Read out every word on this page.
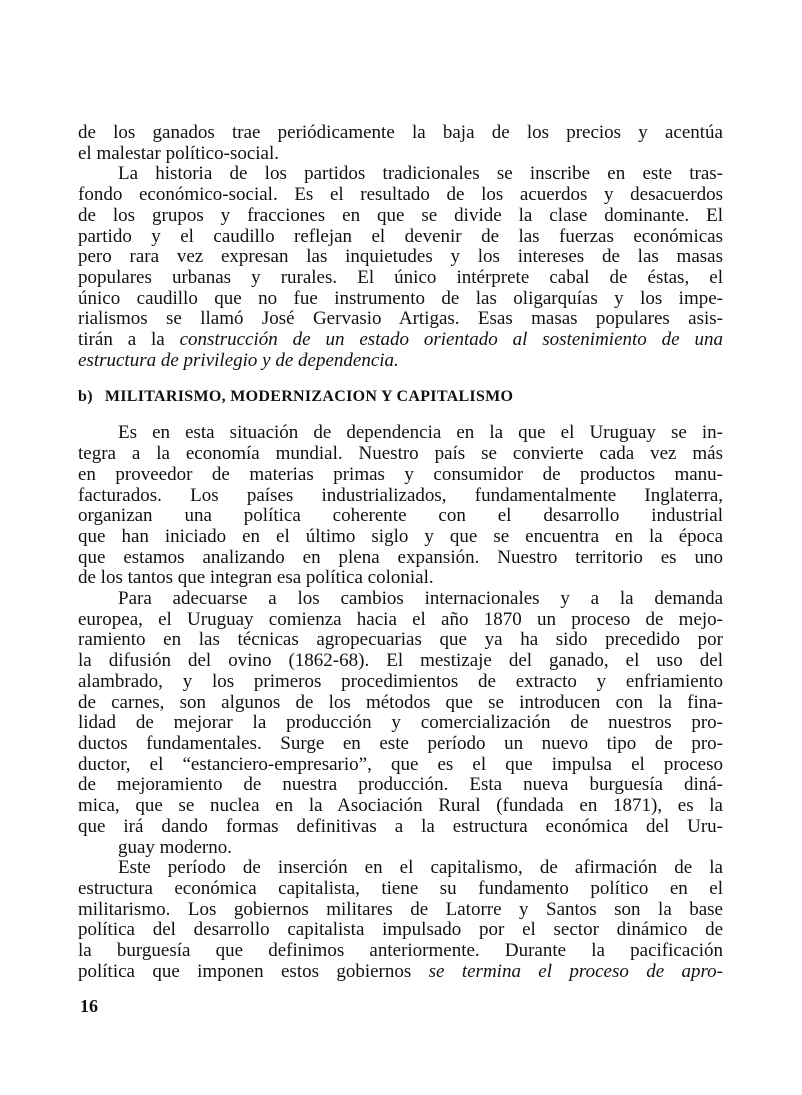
de los ganados trae periódicamente la baja de los precios y acentúa
el malestar político-social.

La historia de los partidos tradicionales se inscribe en este tras-
fondo económico-social. Es el resultado de los acuerdos y desacuerdos
de los grupos y fracciones en que se divide la clase dominante. El
partido y el caudillo reflejan el devenir de las fuerzas económicas
pero rara vez expresan las inquietudes y los intereses de las masas
populares urbanas y rurales. El único intérprete cabal de éstas, el
único caudillo que no fue instrumento de las oligarquías y los impe-
rialismos se llamó José Gervasio Artigas. Esas masas populares asis-
tirán a la construcción de un estado orientado al sostenimiento de una
estructura de privilegio y de dependencia.

b) MILITARISMO, MODERNIZACION Y CAPITALISMO

Es en esta situación de dependencia en la que el Uruguay se in-
tegra a la economía mundial. Nuestro país se convierte cada vez más
en proveedor de materias primas y consumidor de productos manu-
facturados. Los países industrializados, fundamentalmente Inglaterra,
organizan una política coherente con el desarrollo industrial
que han iniciado en el último siglo y que se encuentra en la época
que estamos analizando en plena expansión. Nuestro territorio es uno
de los tantos que integran esa política colonial.

Para adecuarse a los cambios internacionales y a la demanda
europea, el Uruguay comienza hacia el año 1870 un proceso de mejo-
ramiento en las técnicas agropecuarias que ya ha sido precedido por
la difusión del ovino (1862-68). El mestizaje del ganado, el uso del
alambrado, y los primeros procedimientos de extracto y enfriamiento
de carnes, son algunos de los métodos que se introducen con la fina-
lidad de mejorar la producción y comercialización de nuestros pro-
ductos fundamentales. Surge en este período un nuevo tipo de pro-
ductor, el “estanciero-empresario”, que es el que impulsa el proceso
de mejoramiento de nuestra producción. Esta nueva burguesía diná-
mica, que se nuclea en la Asociación Rural (fundada en 1871), es la
que irá dando formas definitivas a la estructura económica del Uru-
guay moderno.

Este período de inserción en el capitalismo, de afirmación de la
estructura económica capitalista, tiene su fundamento político en el
militarismo. Los gobiernos militares de Latorre y Santos son la base
política del desarrollo capitalista impulsado por el sector dinámico de
la burguesía que definimos anteriormente. Durante la pacificación
política que imponen estos gobiernos se termina el proceso de apro-

16
